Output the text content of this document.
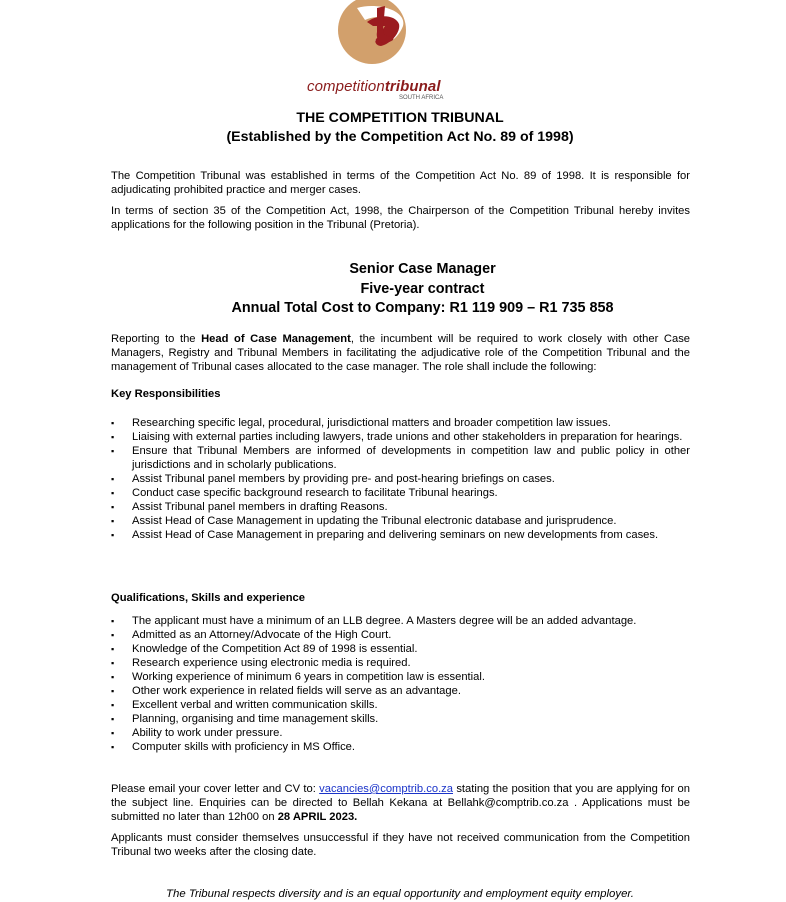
competitiontribunal
SOUTH AFRICA
THE COMPETITION TRIBUNAL
(Established by the Competition Act No. 89 of 1998)
The Competition Tribunal was established in terms of the Competition Act No. 89 of 1998. It is responsible for adjudicating prohibited practice and merger cases.
In terms of section 35 of the Competition Act, 1998, the Chairperson of the Competition Tribunal hereby invites applications for the following position in the Tribunal (Pretoria).
Senior Case Manager
Five-year contract
Annual Total Cost to Company: R1 119 909 – R1 735 858
Reporting to the Head of Case Management, the incumbent will be required to work closely with other Case Managers, Registry and Tribunal Members in facilitating the adjudicative role of the Competition Tribunal and the management of Tribunal cases allocated to the case manager. The role shall include the following:
Key Responsibilities
▪ Researching specific legal, procedural, jurisdictional matters and broader competition law issues.
▪ Liaising with external parties including lawyers, trade unions and other stakeholders in preparation for hearings.
▪ Ensure that Tribunal Members are informed of developments in competition law and public policy in other jurisdictions and in scholarly publications.
▪ Assist Tribunal panel members by providing pre- and post-hearing briefings on cases.
▪ Conduct case specific background research to facilitate Tribunal hearings.
▪ Assist Tribunal panel members in drafting Reasons.
▪ Assist Head of Case Management in updating the Tribunal electronic database and jurisprudence.
▪ Assist Head of Case Management in preparing and delivering seminars on new developments from cases.
Qualifications, Skills and experience
▪ The applicant must have a minimum of an LLB degree. A Masters degree will be an added advantage.
▪ Admitted as an Attorney/Advocate of the High Court.
▪ Knowledge of the Competition Act 89 of 1998 is essential.
▪ Research experience using electronic media is required.
▪ Working experience of minimum 6 years in competition law is essential.
▪ Other work experience in related fields will serve as an advantage.
▪ Excellent verbal and written communication skills.
▪ Planning, organising and time management skills.
▪ Ability to work under pressure.
▪ Computer skills with proficiency in MS Office.
Please email your cover letter and CV to: vacancies@comptrib.co.za stating the position that you are applying for on the subject line. Enquiries can be directed to Bellah Kekana at Bellahk@comptrib.co.za . Applications must be submitted no later than 12h00 on 28 APRIL 2023.
Applicants must consider themselves unsuccessful if they have not received communication from the Competition Tribunal two weeks after the closing date.
The Tribunal respects diversity and is an equal opportunity and employment equity employer.
